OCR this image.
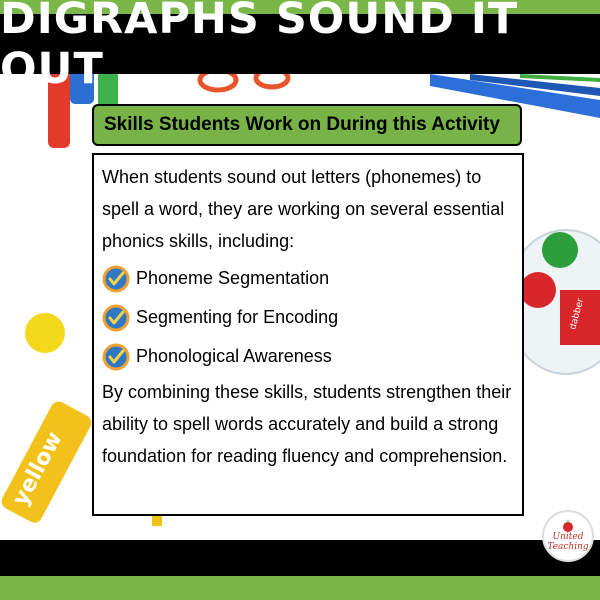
dabber
yellow
DIGRAPHS SOUND IT OUT
Skills Students Work on During this Activity

When students sound out letters (phonemes) to spell a word, they are working on several essential phonics skills, including:

Phoneme Segmentation
Segmenting for Encoding
Phonological Awareness

By combining these skills, students strengthen their ability to spell words accurately and build a strong foundation for reading fluency and comprehension.

United
Teaching
